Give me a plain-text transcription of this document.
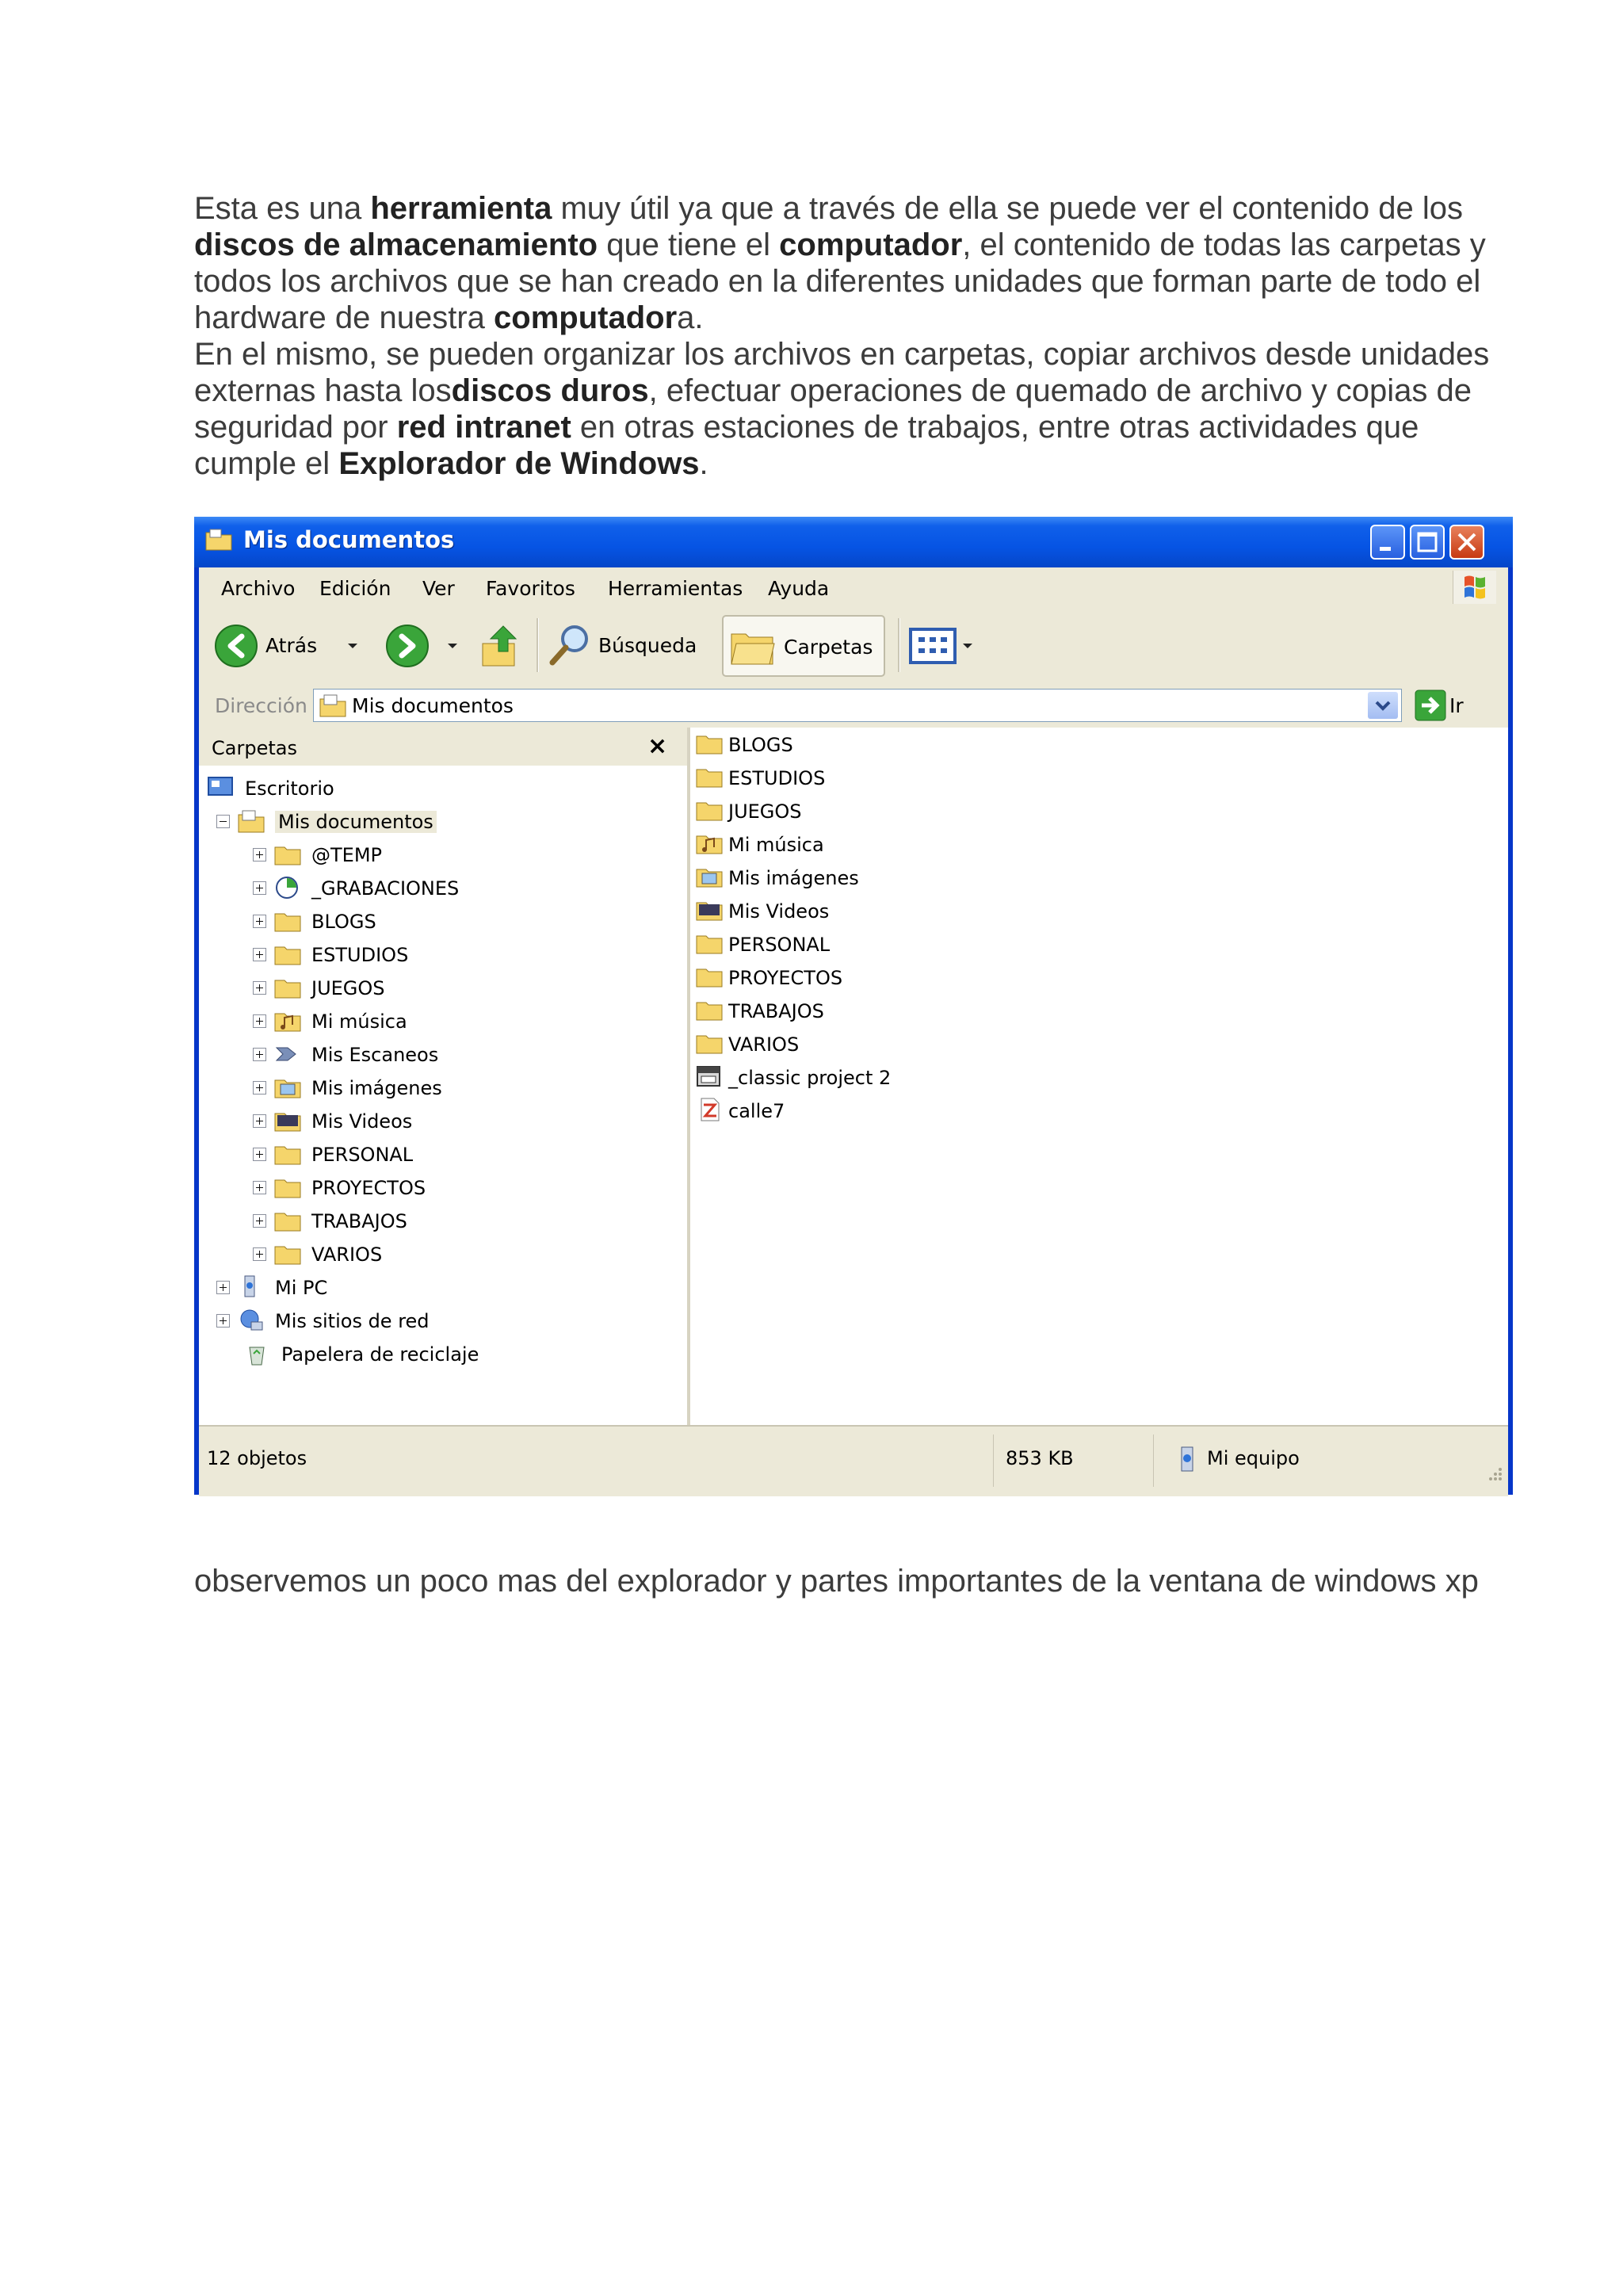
Esta es una herramienta muy útil ya que a través de ella se puede ver el contenido de los discos de almacenamiento que tiene el computador, el contenido de todas las carpetas y todos los archivos que se han creado en la diferentes unidades que forman parte de todo el hardware de nuestra computadora.
En el mismo, se pueden organizar los archivos en carpetas, copiar archivos desde unidades externas hasta losdiscos duros, efectuar operaciones de quemado de archivo y copias de seguridad por red intranet en otras estaciones de trabajos, entre otras actividades que cumple el Explorador de Windows.
Mis documentos
Archivo Edición Ver Favoritos Herramientas Ayuda
Atrás	Búsqueda	Carpetas
Dirección Mis documentos	Ir
Carpetas	×
Escritorio
Mis documentos
@TEMP
_GRABACIONES
BLOGS
ESTUDIOS
JUEGOS
Mi música
Mis Escaneos
Mis imágenes
Mis Videos
PERSONAL
PROYECTOS
TRABAJOS
VARIOS
Mi PC
Mis sitios de red
Papelera de reciclaje
BLOGS
ESTUDIOS
JUEGOS
Mi música
Mis imágenes
Mis Videos
PERSONAL
PROYECTOS
TRABAJOS
VARIOS
_classic project 2
calle7
12 objetos	853 KB	Mi equipo
observemos un poco mas del explorador y partes importantes de la ventana de windows xp
